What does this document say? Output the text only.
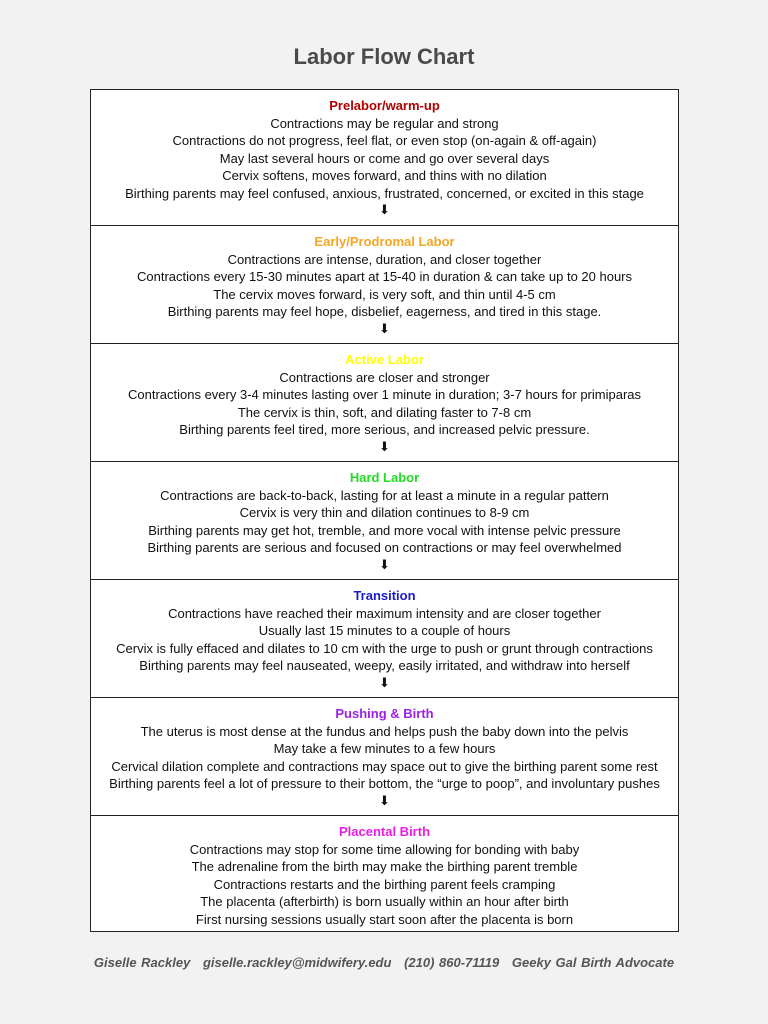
Labor Flow Chart
Prelabor/warm-up
Contractions may be regular and strong
Contractions do not progress, feel flat, or even stop (on-again & off-again)
May last several hours or come and go over several days
Cervix softens, moves forward, and thins with no dilation
Birthing parents may feel confused, anxious, frustrated, concerned, or excited in this stage
⬇
Early/Prodromal Labor
Contractions are intense, duration, and closer together
Contractions every 15-30 minutes apart at 15-40 in duration & can take up to 20 hours
The cervix moves forward, is very soft, and thin until 4-5 cm
Birthing parents may feel hope, disbelief, eagerness, and tired in this stage.
⬇
Active Labor
Contractions are closer and stronger
Contractions every 3-4 minutes lasting over 1 minute in duration; 3-7 hours for primiparas
The cervix is thin, soft, and dilating faster to 7-8 cm
Birthing parents feel tired, more serious, and increased pelvic pressure.
⬇
Hard Labor
Contractions are back-to-back, lasting for at least a minute in a regular pattern
Cervix is very thin and dilation continues to 8-9 cm
Birthing parents may get hot, tremble, and more vocal with intense pelvic pressure
Birthing parents are serious and focused on contractions or may feel overwhelmed
⬇
Transition
Contractions have reached their maximum intensity and are closer together
Usually last 15 minutes to a couple of hours
Cervix is fully effaced and dilates to 10 cm with the urge to push or grunt through contractions
Birthing parents may feel nauseated, weepy, easily irritated, and withdraw into herself
⬇
Pushing & Birth
The uterus is most dense at the fundus and helps push the baby down into the pelvis
May take a few minutes to a few hours
Cervical dilation complete and contractions may space out to give the birthing parent some rest
Birthing parents feel a lot of pressure to their bottom, the “urge to poop”, and involuntary pushes
⬇
Placental Birth
Contractions may stop for some time allowing for bonding with baby
The adrenaline from the birth may make the birthing parent tremble
Contractions restarts and the birthing parent feels cramping
The placenta (afterbirth) is born usually within an hour after birth
First nursing sessions usually start soon after the placenta is born
Giselle Rackley giselle.rackley@midwifery.edu (210) 860-71119 Geeky Gal Birth Advocate
